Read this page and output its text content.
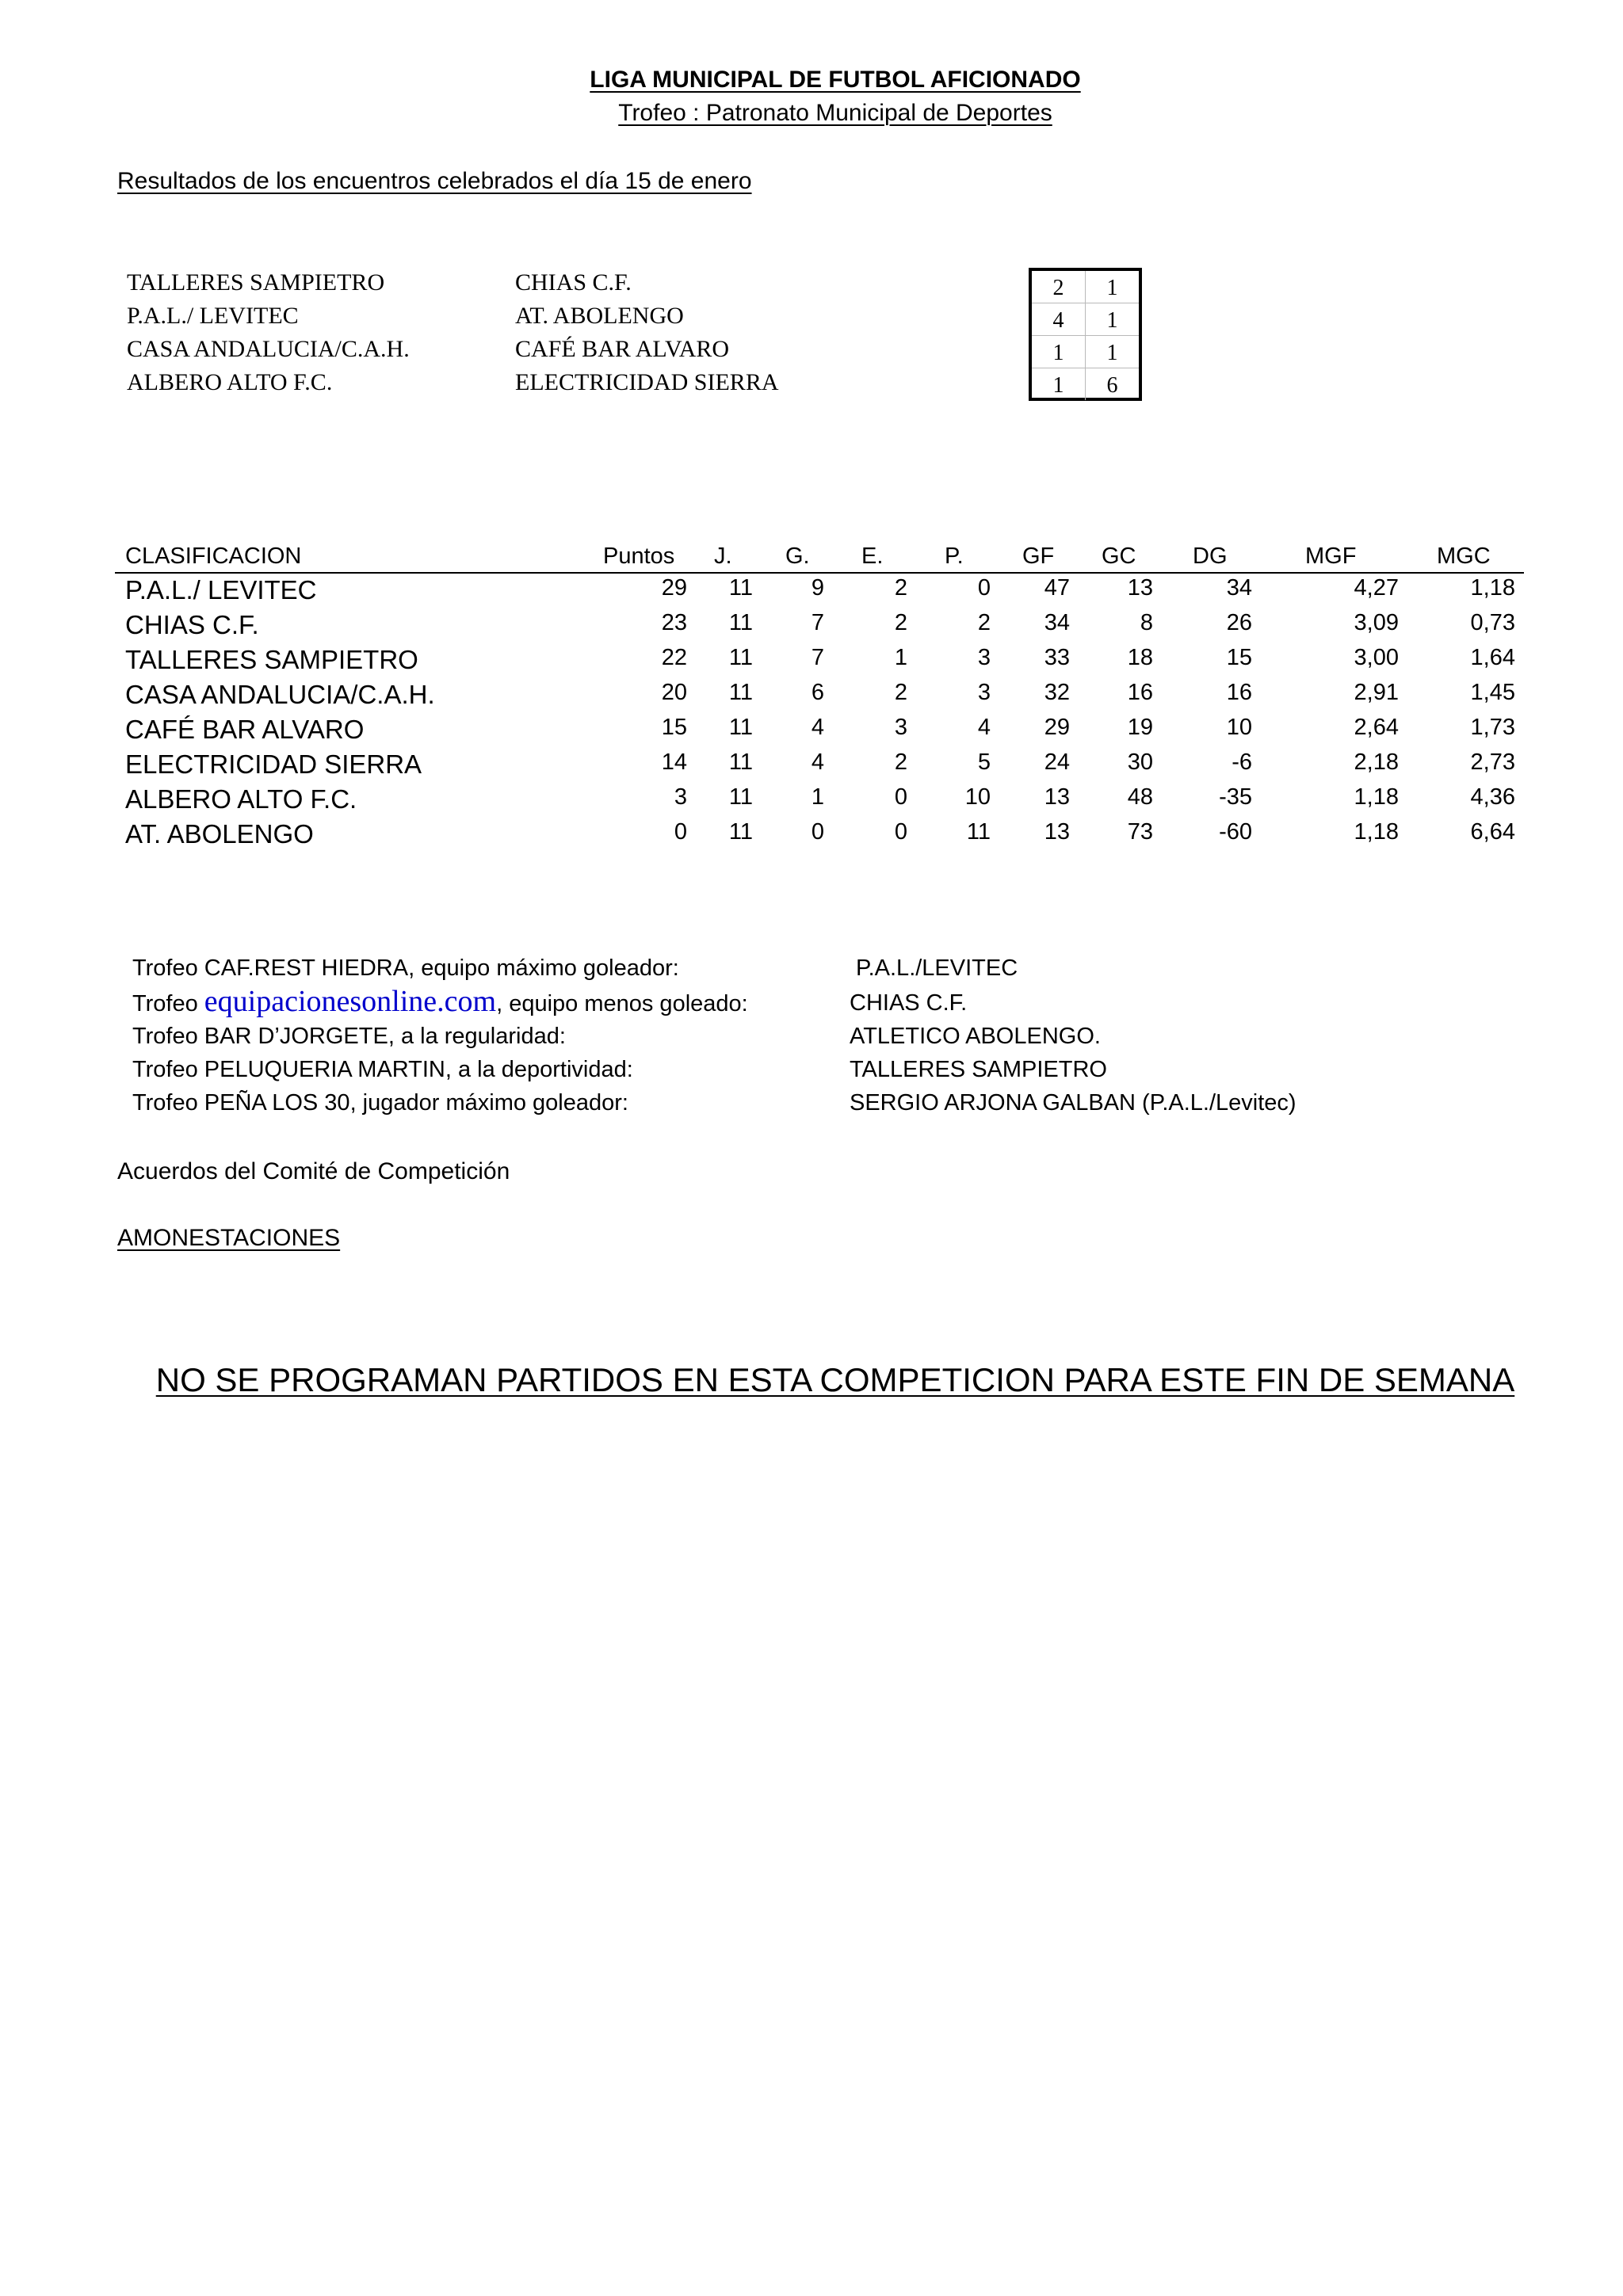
LIGA MUNICIPAL DE FUTBOL AFICIONADO
Trofeo : Patronato Municipal de Deportes
Resultados de los encuentros celebrados el día 15 de enero
TALLERES SAMPIETRO	CHIAS C.F.
P.A.L./ LEVITEC	AT. ABOLENGO
CASA ANDALUCIA/C.A.H.	CAFÉ BAR ALVARO
ALBERO ALTO F.C.	ELECTRICIDAD SIERRA
2	1
4	1
1	1
1	6
CLASIFICACION	Puntos J. G. E.	P.	GF GC DG	MGF	MGC
P.A.L./ LEVITEC	29	11	9	2	0	47	13	34	4,27	1,18
CHIAS C.F.	23	11	7	2	2	34	8	26	3,09	0,73
TALLERES SAMPIETRO	22	11	7	1	3	33	18	15	3,00	1,64
CASA ANDALUCIA/C.A.H.	20	11	6	2	3	32	16	16	2,91	1,45
CAFÉ BAR ALVARO	15	11	4	3	4	29	19	10	2,64	1,73
ELECTRICIDAD SIERRA	14	11	4	2	5	24	30	-6	2,18	2,73
ALBERO ALTO F.C.	3	11	1	0	10	13	48	-35	1,18	4,36
AT. ABOLENGO	0	11	0	0	11	13	73	-60	1,18	6,64
Trofeo CAF.REST HIEDRA, equipo máximo goleador:	P.A.L./LEVITEC
Trofeo equipacionesonline.com, equipo menos goleado:	CHIAS C.F.
Trofeo BAR D’JORGETE, a la regularidad:	ATLETICO ABOLENGO.
Trofeo PELUQUERIA MARTIN, a la deportividad:	TALLERES SAMPIETRO
Trofeo PEÑA LOS 30, jugador máximo goleador:	SERGIO ARJONA GALBAN (P.A.L./Levitec)
Acuerdos del Comité de Competición
AMONESTACIONES
NO SE PROGRAMAN PARTIDOS EN ESTA COMPETICION PARA ESTE FIN DE SEMANA
